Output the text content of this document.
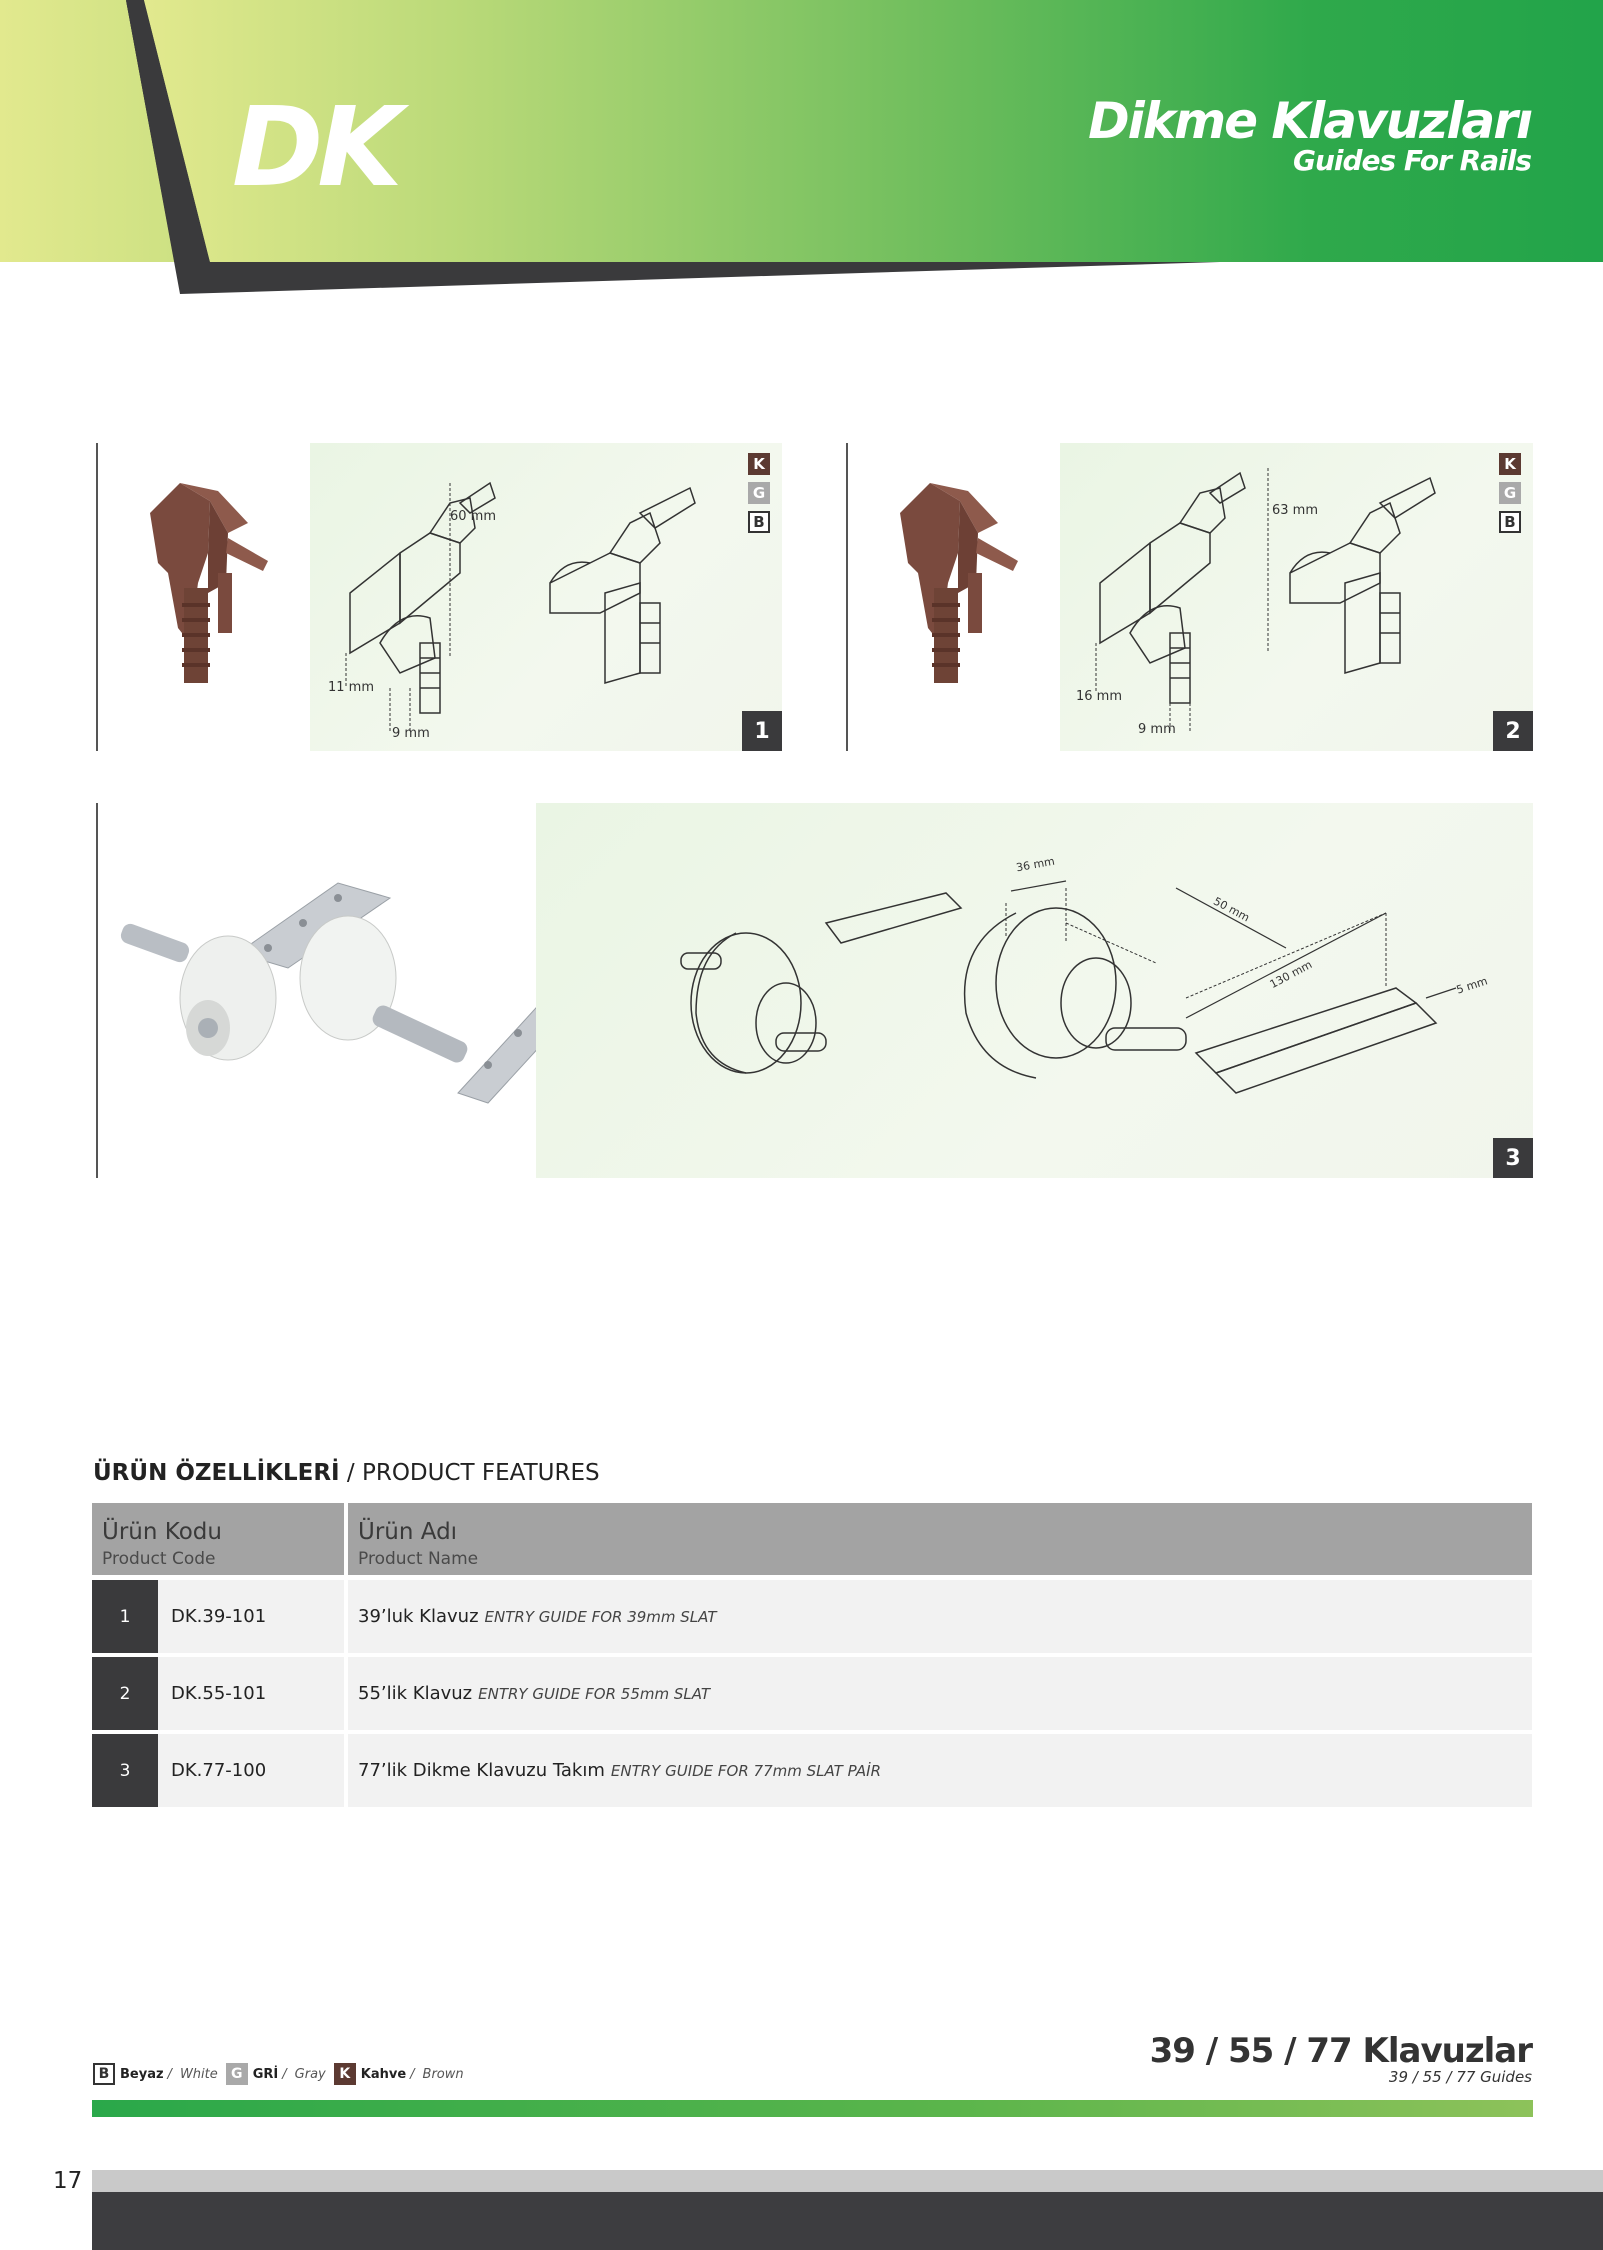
DK	Dikme Klavuzları
Guides For Rails
60 mm
11 mm
9 mm
K
G
B
1
63 mm
16 mm
9 mm
K
G
B
2
36 mm
50 mm
130 mm	5 mm
3
ÜRÜN ÖZELLİKLERİ / PRODUCT FEATURES
Ürün Kodu
Product Code
Ürün Adı
Product Name
1	DK.39-101	39’luk Klavuz ENTRY GUIDE FOR 39mm SLAT
2	DK.55-101	55’lik Klavuz ENTRY GUIDE FOR 55mm SLAT
3	DK.77-100	77’lik Dikme Klavuzu Takım ENTRY GUIDE FOR 77mm SLAT PAİR
B Beyaz / White G GRİ / Gray K Kahve / Brown
39 / 55 / 77 Klavuzlar
39 / 55 / 77 Guides
17
